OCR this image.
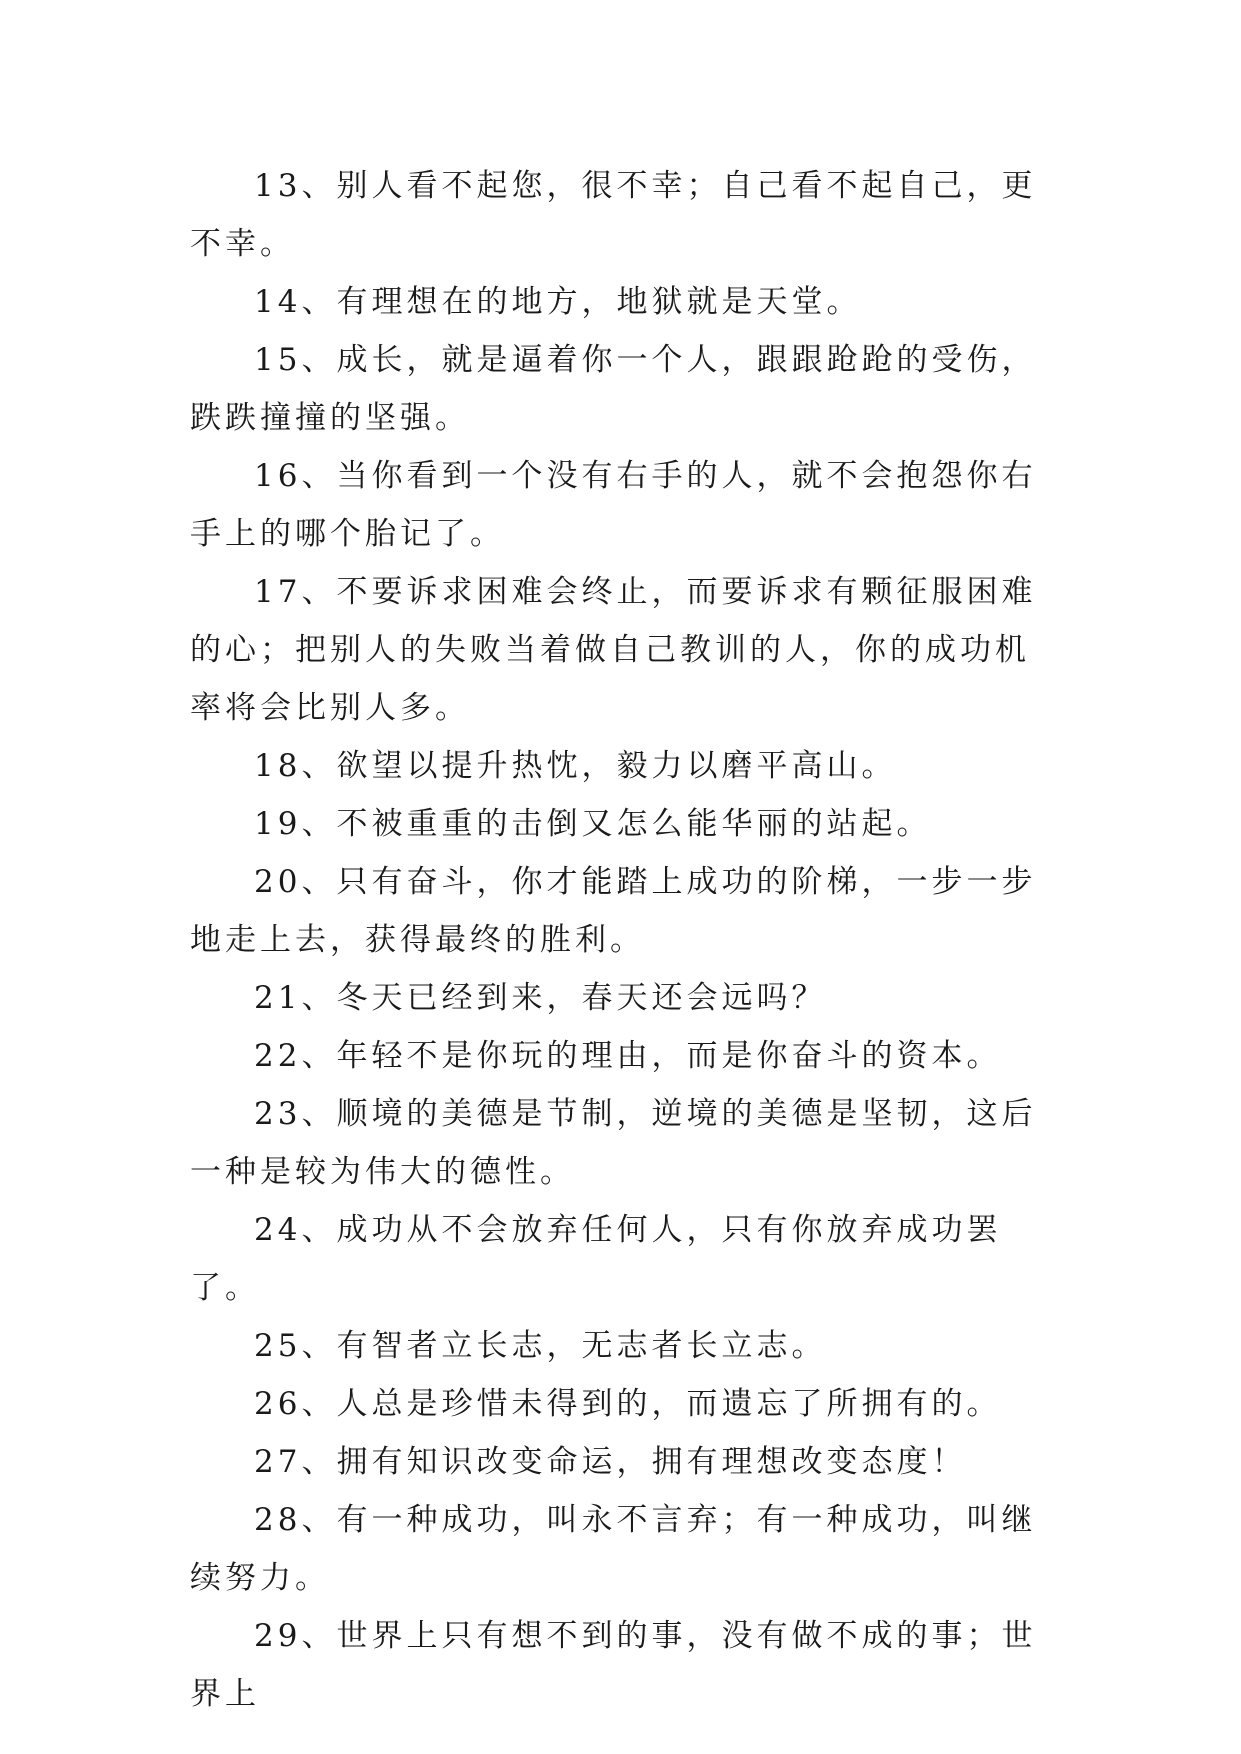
13、别人看不起您，很不幸；自己看不起自己，更不幸。

14、有理想在的地方，地狱就是天堂。

15、成长，就是逼着你一个人，跟跟跄跄的受伤，跌跌撞撞的坚强。

16、当你看到一个没有右手的人，就不会抱怨你右手上的哪个胎记了。

17、不要诉求困难会终止，而要诉求有颗征服困难的心；把别人的失败当着做自己教训的人，你的成功机率将会比别人多。

18、欲望以提升热忱，毅力以磨平高山。

19、不被重重的击倒又怎么能华丽的站起。

20、只有奋斗，你才能踏上成功的阶梯，一步一步地走上去，获得最终的胜利。

21、冬天已经到来，春天还会远吗？

22、年轻不是你玩的理由，而是你奋斗的资本。

23、顺境的美德是节制，逆境的美德是坚韧，这后一种是较为伟大的德性。

24、成功从不会放弃任何人，只有你放弃成功罢了。

25、有智者立长志，无志者长立志。

26、人总是珍惜未得到的，而遗忘了所拥有的。

27、拥有知识改变命运，拥有理想改变态度！

28、有一种成功，叫永不言弃；有一种成功，叫继续努力。

29、世界上只有想不到的事，没有做不成的事；世界上
